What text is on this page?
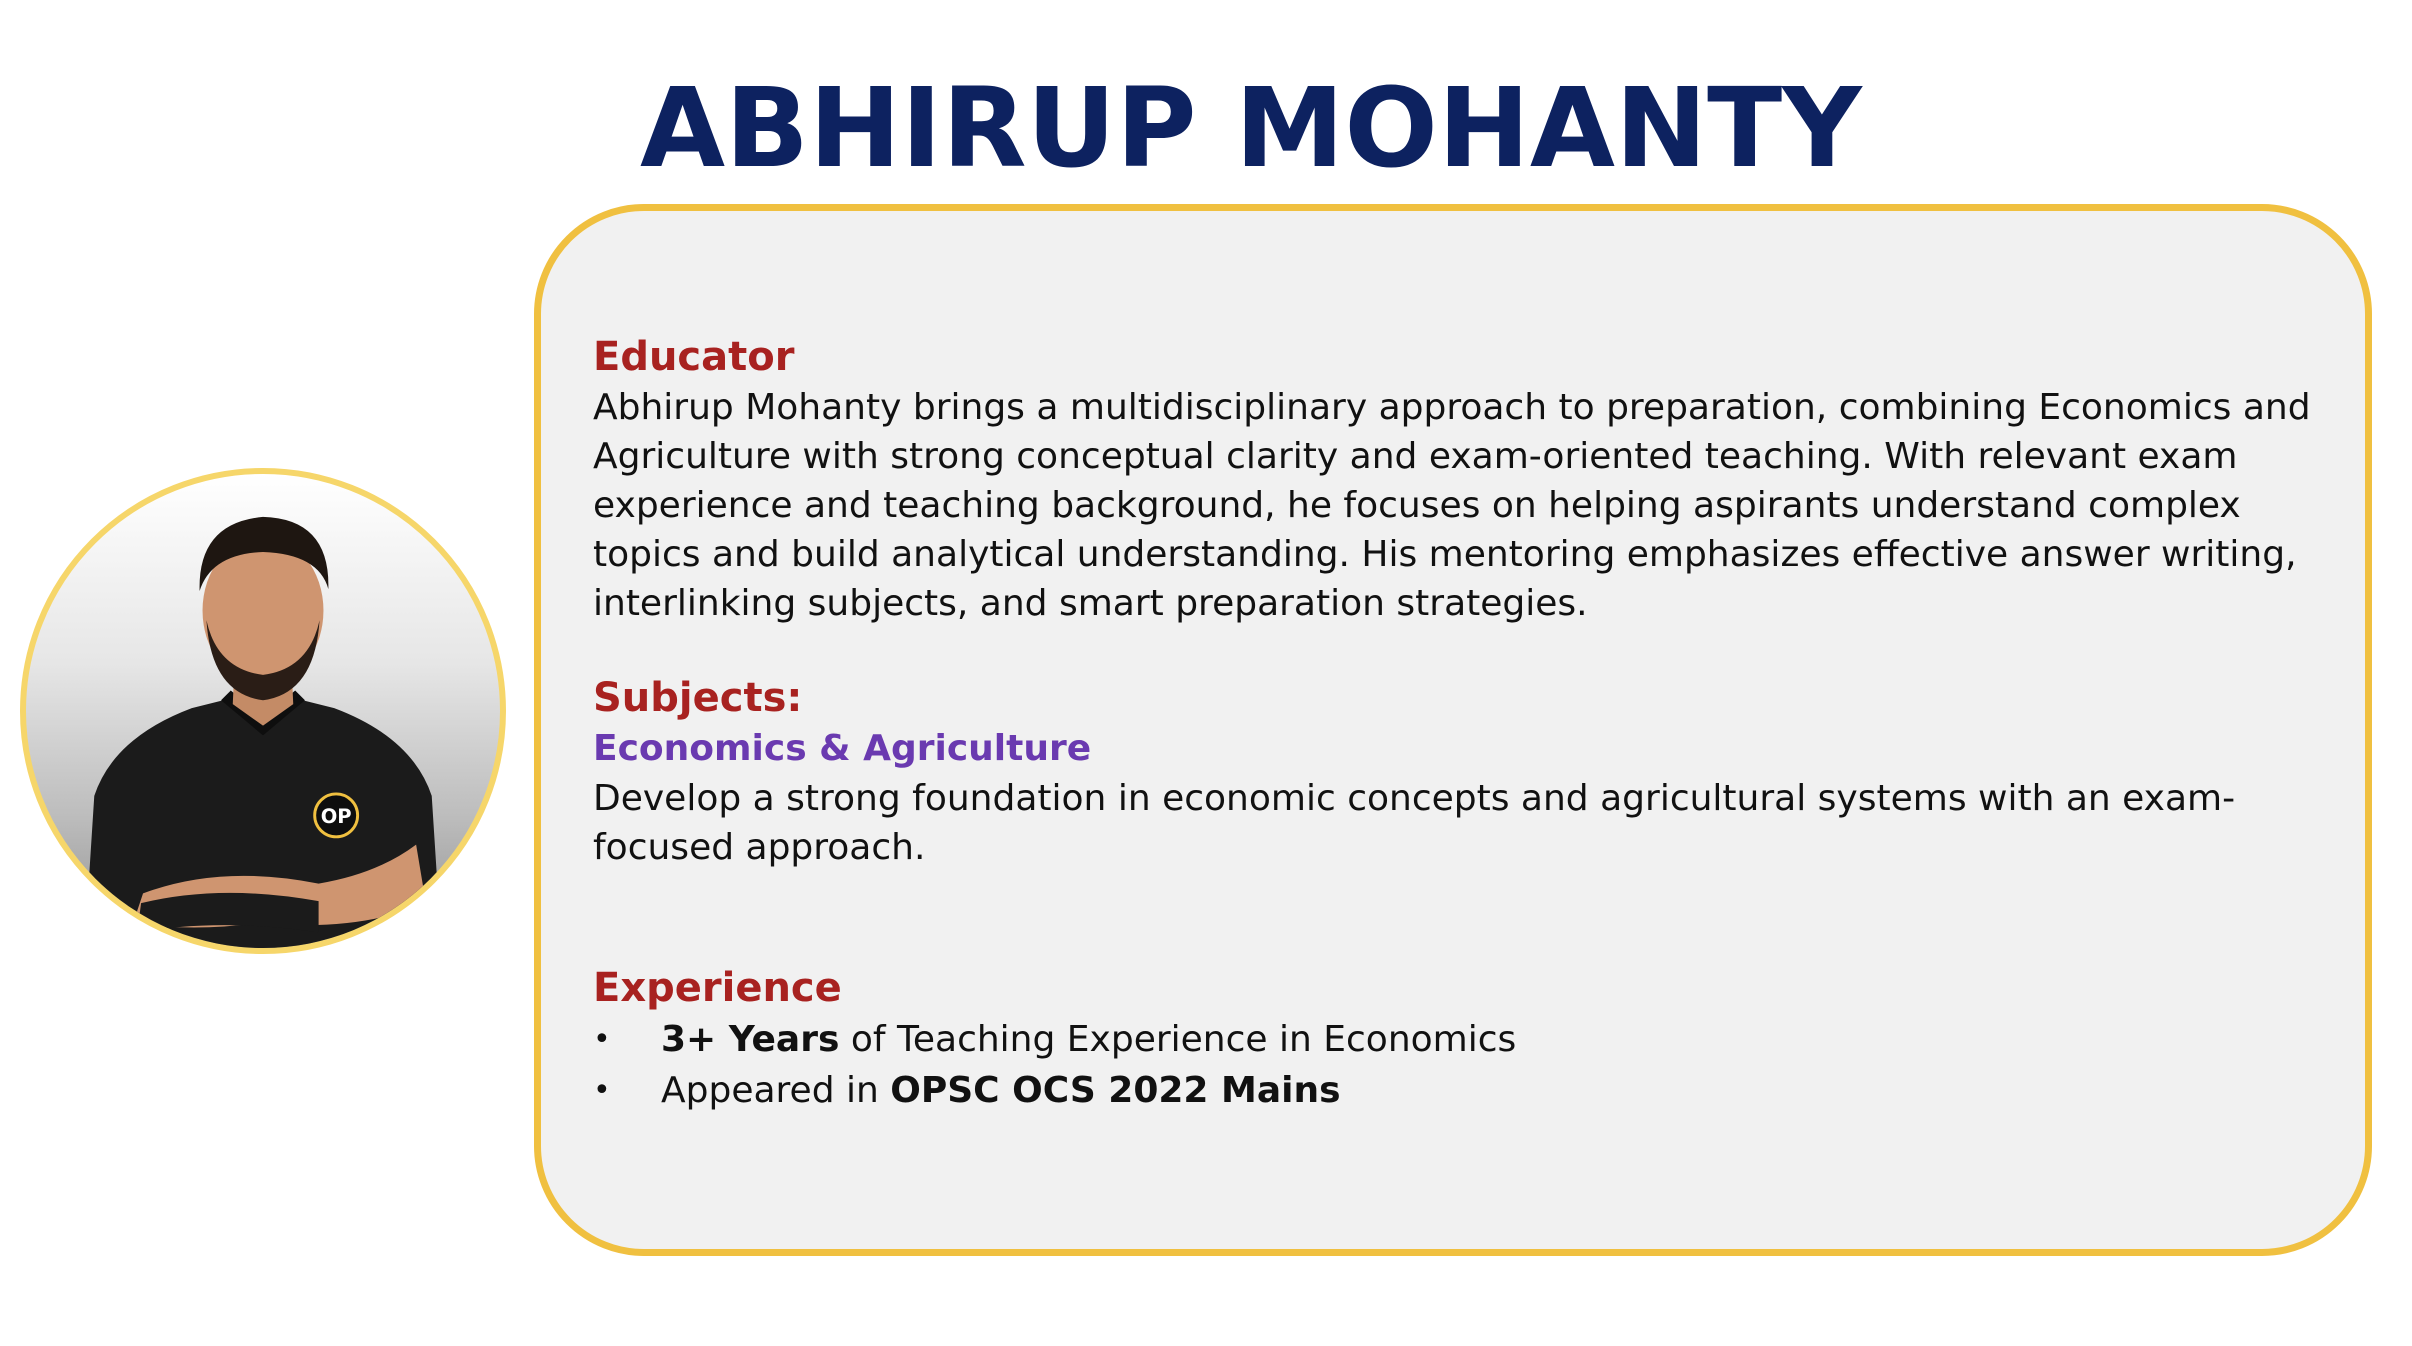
ABHIRUP MOHANTY
OP
Educator

Abhirup Mohanty brings a multidisciplinary approach to preparation, combining Economics and Agriculture with strong conceptual clarity and exam-oriented teaching. With relevant exam experience and teaching background, he focuses on helping aspirants understand complex topics and build analytical understanding. His mentoring emphasizes effective answer writing, interlinking subjects, and smart preparation strategies.

Subjects:

Economics & Agriculture

Develop a strong foundation in economic concepts and agricultural systems with an exam-focused approach.

Experience
• 3+ Years of Teaching Experience in Economics
• Appeared in OPSC OCS 2022 Mains
